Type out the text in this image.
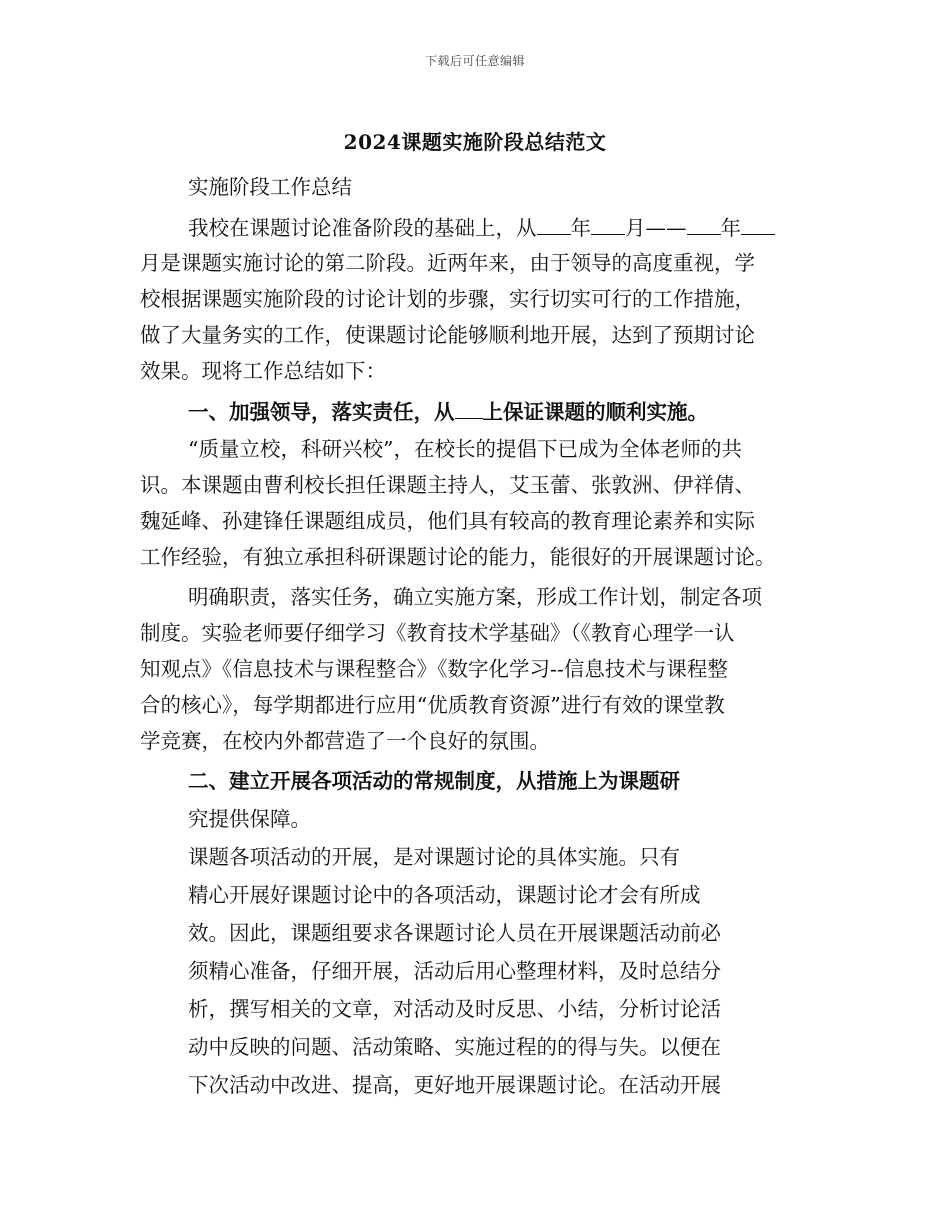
下载后可任意编辑
2024课题实施阶段总结范文
实施阶段工作总结
我校在课题讨论准备阶段的基础上，从 年 月—— 年
月是课题实施讨论的第二阶段。近两年来，由于领导的高度重视，学
校根据课题实施阶段的讨论计划的步骤，实行切实可行的工作措施，
做了大量务实的工作，使课题讨论能够顺利地开展，达到了预期讨论
效果。现将工作总结如下：
一、加强领导，落实责任，从 上保证课题的顺利实施。
“质量立校，科研兴校”，在校长的提倡下已成为全体老师的共
识。本课题由曹利校长担任课题主持人，艾玉蕾、张敦洲、伊祥倩、
魏延峰、孙建锋任课题组成员，他们具有较高的教育理论素养和实际
工作经验，有独立承担科研课题讨论的能力，能很好的开展课题讨论。
明确职责，落实任务，确立实施方案，形成工作计划，制定各项
制度。实验老师要仔细学习《教育技术学基础》（《教育心理学一认
知观点》《信息技术与课程整合》《数字化学习--信息技术与课程整
合的核心》，每学期都进行应用“优质教育资源”进行有效的课堂教
学竞赛，在校内外都营造了一个良好的氛围。
二、建立开展各项活动的常规制度，从措施上为课题研
究提供保障。
课题各项活动的开展，是对课题讨论的具体实施。只有
精心开展好课题讨论中的各项活动，课题讨论才会有所成
效。因此，课题组要求各课题讨论人员在开展课题活动前必
须精心准备，仔细开展，活动后用心整理材料，及时总结分
析，撰写相关的文章，对活动及时反思、小结，分析讨论活
动中反映的问题、活动策略、实施过程的的得与失。以便在
下次活动中改进、提高，更好地开展课题讨论。在活动开展
